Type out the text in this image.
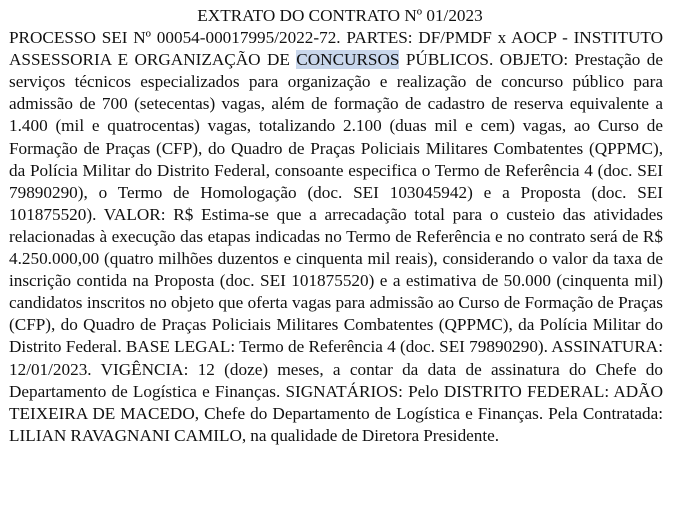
EXTRATO DO CONTRATO Nº 01/2023

PROCESSO SEI Nº 00054-00017995/2022-72. PARTES: DF/PMDF x AOCP - INSTITUTO ASSESSORIA E ORGANIZAÇÃO DE CONCURSOS PÚBLICOS. OBJETO: Prestação de serviços técnicos especializados para organização e realização de concurso público para admissão de 700 (setecentas) vagas, além de formação de cadastro de reserva equivalente a 1.400 (mil e quatrocentas) vagas, totalizando 2.100 (duas mil e cem) vagas, ao Curso de Formação de Praças (CFP), do Quadro de Praças Policiais Militares Combatentes (QPPMC), da Polícia Militar do Distrito Federal, consoante especifica o Termo de Referência 4 (doc. SEI 79890290), o Termo de Homologação (doc. SEI 103045942) e a Proposta (doc. SEI 101875520). VALOR: R$ Estima-se que a arrecadação total para o custeio das atividades relacionadas à execução das etapas indicadas no Termo de Referência e no contrato será de R$ 4.250.000,00 (quatro milhões duzentos e cinquenta mil reais), considerando o valor da taxa de inscrição contida na Proposta (doc. SEI 101875520) e a estimativa de 50.000 (cinquenta mil) candidatos inscritos no objeto que oferta vagas para admissão ao Curso de Formação de Praças (CFP), do Quadro de Praças Policiais Militares Combatentes (QPPMC), da Polícia Militar do Distrito Federal. BASE LEGAL: Termo de Referência 4 (doc. SEI 79890290). ASSINATURA: 12/01/2023. VIGÊNCIA: 12 (doze) meses, a contar da data de assinatura do Chefe do Departamento de Logística e Finanças. SIGNATÁRIOS: Pelo DISTRITO FEDERAL: ADÃO TEIXEIRA DE MACEDO, Chefe do Departamento de Logística e Finanças. Pela Contratada: LILIAN RAVAGNANI CAMILO, na qualidade de Diretora Presidente.
